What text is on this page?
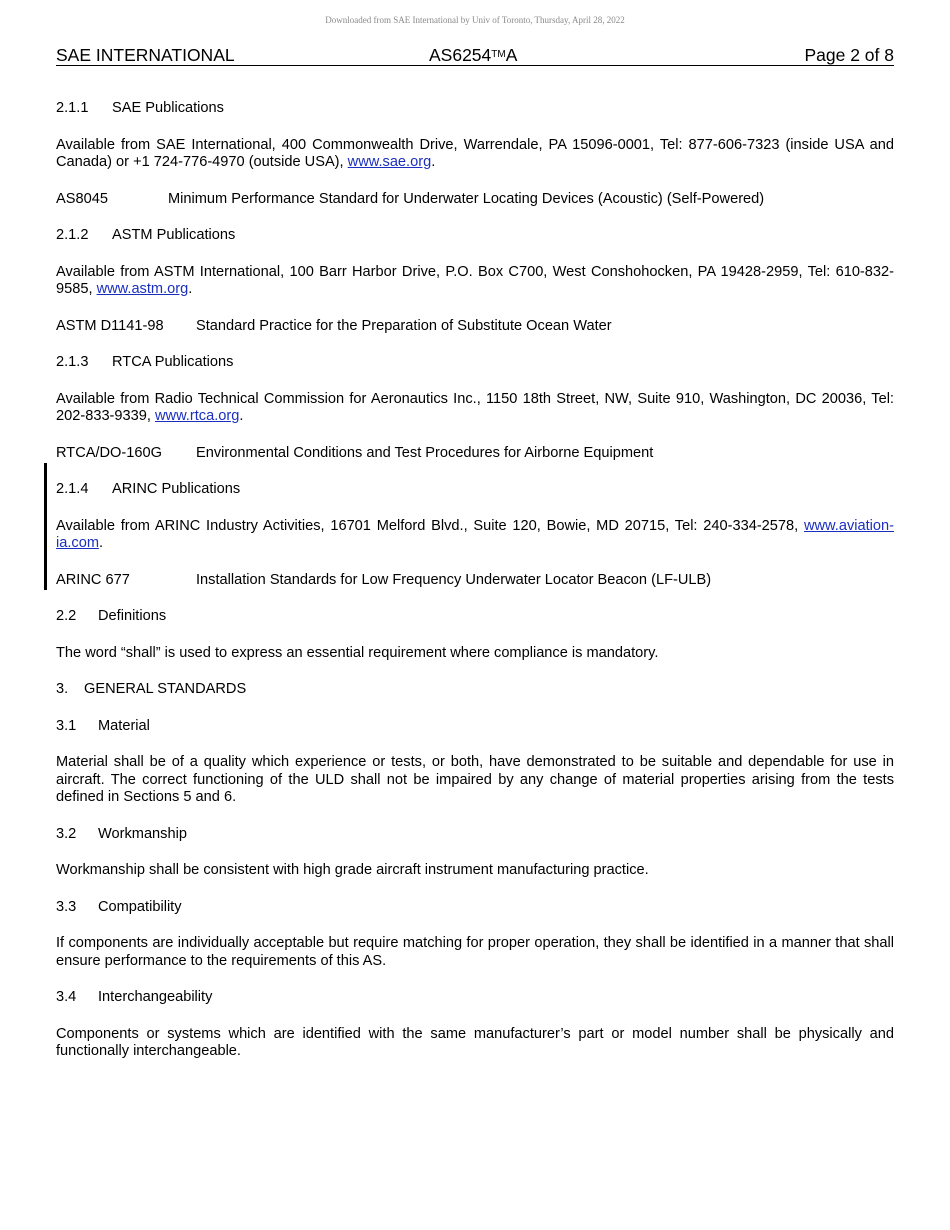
Downloaded from SAE International by Univ of Toronto, Thursday, April 28, 2022
SAE INTERNATIONAL	AS6254™A	Page 2 of 8
2.1.1 SAE Publications
Available from SAE International, 400 Commonwealth Drive, Warrendale, PA 15096-0001, Tel: 877-606-7323 (inside USA and Canada) or +1 724-776-4970 (outside USA), www.sae.org.
AS8045	Minimum Performance Standard for Underwater Locating Devices (Acoustic) (Self-Powered)
2.1.2 ASTM Publications
Available from ASTM International, 100 Barr Harbor Drive, P.O. Box C700, West Conshohocken, PA 19428-2959, Tel: 610-832-9585, www.astm.org.
ASTM D1141-98	Standard Practice for the Preparation of Substitute Ocean Water
2.1.3 RTCA Publications
Available from Radio Technical Commission for Aeronautics Inc., 1150 18th Street, NW, Suite 910, Washington, DC 20036, Tel: 202-833-9339, www.rtca.org.
RTCA/DO-160G	Environmental Conditions and Test Procedures for Airborne Equipment
2.1.4 ARINC Publications
Available from ARINC Industry Activities, 16701 Melford Blvd., Suite 120, Bowie, MD 20715, Tel: 240-334-2578, www.aviation-ia.com.
ARINC 677	Installation Standards for Low Frequency Underwater Locator Beacon (LF-ULB)
2.2 Definitions
The word “shall” is used to express an essential requirement where compliance is mandatory.
3. GENERAL STANDARDS
3.1 Material
Material shall be of a quality which experience or tests, or both, have demonstrated to be suitable and dependable for use in aircraft. The correct functioning of the ULD shall not be impaired by any change of material properties arising from the tests defined in Sections 5 and 6.
3.2 Workmanship
Workmanship shall be consistent with high grade aircraft instrument manufacturing practice.
3.3 Compatibility
If components are individually acceptable but require matching for proper operation, they shall be identified in a manner that shall ensure performance to the requirements of this AS.
3.4 Interchangeability
Components or systems which are identified with the same manufacturer’s part or model number shall be physically and functionally interchangeable.
